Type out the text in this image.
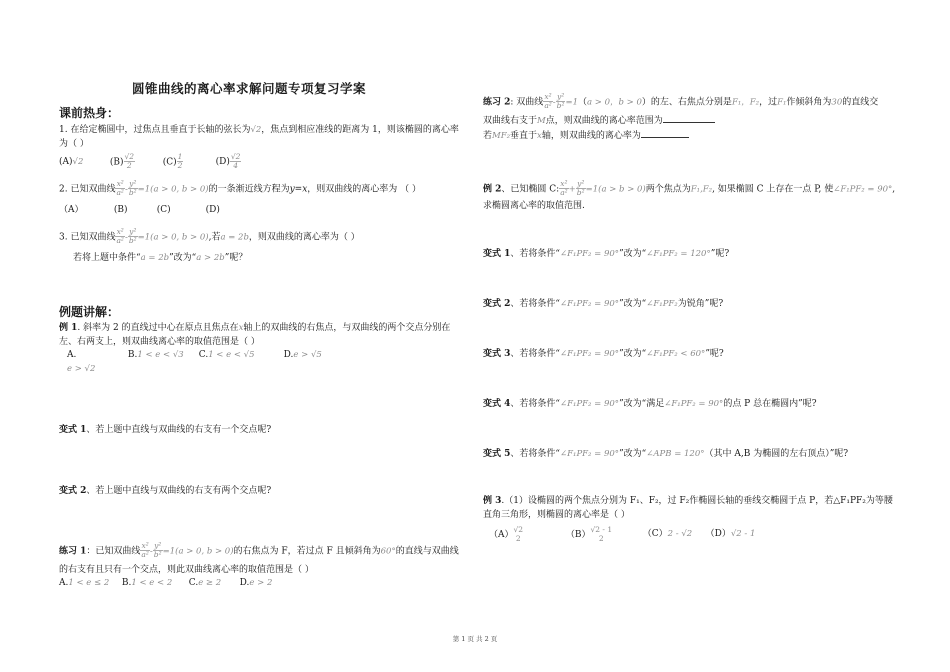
圆锥曲线的离心率求解问题专项复习学案
课前热身：
1. 在给定椭圆中，过焦点且垂直于长轴的弦长为√2，焦点到相应准线的距离为 1，则该椭圆的离心率
为（ ）
(A)√2	$(B) \frac{√2}{2}$	$(C) \frac{1}{2}$	$(D) \frac{√2}{4}$
2. 已知双曲线 $\frac{\text{x²}}{\text{a²}} - \frac{\text{y²}}{\text{b²}} =1(a > 0$, b > 0)的一条渐近线方程为y=x，则双曲线的离心率为 （ ）
（A）	(B)	(C)	(D)
3. 已知双曲线 $\frac{\text{x²}}{\text{a²}} - \frac{\text{y²}}{\text{b²}} =1(a > 0$, b > 0),若a = 2b，则双曲线的离心率为（ ）
若将上题中条件“a = 2b”改为“a > 2b”呢？
例题讲解：
例 1. 斜率为 2 的直线过中心在原点且焦点在x轴上的双曲线的右焦点，与双曲线的两个交点分别在
左、右两支上，则双曲线离心率的取值范围是（ ）
A.
e > √2 B.1 < e < √3 C.1 < e < √5	D.e > √5
变式 1、若上题中直线与双曲线的右支有一个交点呢?
变式 2、若上题中直线与双曲线的右支有两个交点呢?
练习 1：已知双曲线 $\frac{\text{x²}}{\text{a²}} - \frac{\text{y²}}{\text{b²}} =1(a > 0$, b > 0)的右焦点为 F，若过点 F 且倾斜角为60°的直线与双曲线
的右支有且只有一个交点，则此双曲线离心率的取值范围是（ ）
A.1 < e ≤ 2 B.1 < e < 2 C.e ≥ 2 D.e > 2
练习 2: 双曲线 $\frac{\text{x²}}{\text{a²}} - \frac{\text{y²}}{\text{b²}} =1(a > 0$，b > 0）的左、右焦点分别是F₁，F₂，过F₁作倾斜角为30的直线交
双曲线右支于M点，则双曲线的离心率范围为
若MF₂垂直于x轴，则双曲线的离心率为
例 2、已知椭圆 C: $\frac{\text{x²}}{\text{a²}} + \frac{\text{y²}}{\text{b²}} =1(a > b > 0)$两个焦点为F₁,F₂, 如果椭圆 C 上存在一点 P, 使∠F₁PF₂ = 90°,
求椭圆离心率的取值范围.
变式 1、若将条件“∠F₁PF₂ = 90°”改为“∠F₁PF₂ = 120°”呢?
变式 2、若将条件“∠F₁PF₂ = 90°”改为“∠F₁PF₂为锐角”呢?
变式 3、若将条件“∠F₁PF₂ = 90°”改为“∠F₁PF₂ < 60°”呢?
变式 4、若将条件“∠F₁PF₂ = 90°”改为“满足∠F₁PF₂ = 90°的点 P 总在椭圆内”呢?
变式 5、若将条件“∠F₁PF₂ = 90°”改为“∠APB = 120°（其中 A,B 为椭圆的左右顶点）”呢?
例 3.（1）设椭圆的两个焦点分别为 F₁、F₂，过 F₂作椭圆长轴的垂线交椭圆于点 P，若△F₁PF₂为等腰
直角三角形，则椭圆的离心率是（ ）
（A）
√2
2	（B）
√2 - 1
2	（C）2 - √2 （D）√2 - 1
第 1 页 共 2 页
